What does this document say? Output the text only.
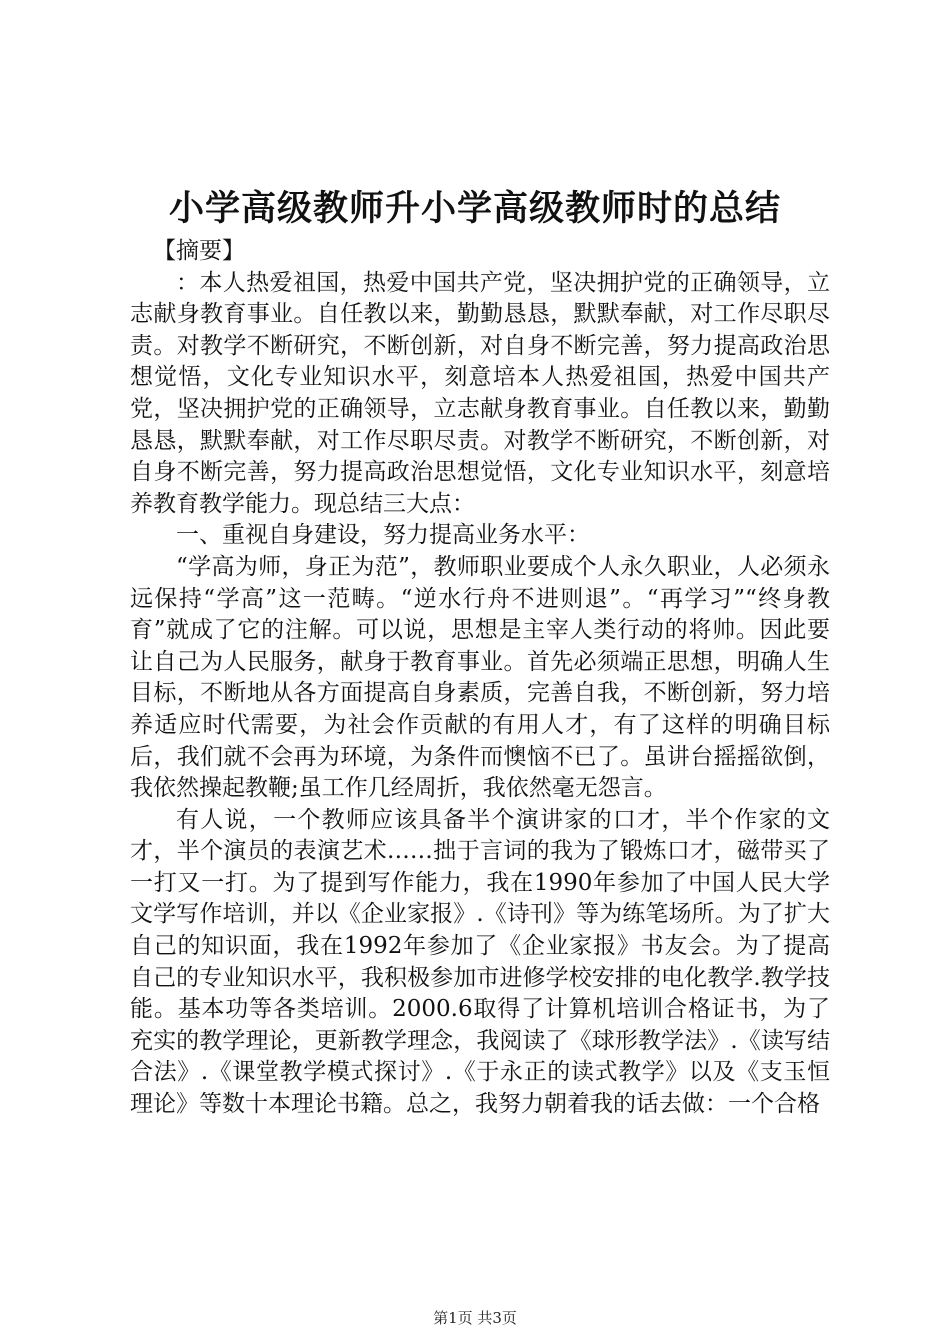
小学高级教师升小学高级教师时的总结

【摘要】

：本人热爱祖国，热爱中国共产党，坚决拥护党的正确领导，立志献身教育事业。自任教以来，勤勤恳恳，默默奉献，对工作尽职尽责。对教学不断研究，不断创新，对自身不断完善，努力提高政治思想觉悟，文化专业知识水平，刻意培本人热爱祖国，热爱中国共产党，坚决拥护党的正确领导，立志献身教育事业。自任教以来，勤勤恳恳，默默奉献，对工作尽职尽责。对教学不断研究，不断创新，对自身不断完善，努力提高政治思想觉悟，文化专业知识水平，刻意培养教育教学能力。现总结三大点：

一、重视自身建设，努力提高业务水平：

“学高为师，身正为范”，教师职业要成个人永久职业，人必须永远保持“学高”这一范畴。“逆水行舟不进则退”。“再学习”“终身教育”就成了它的注解。可以说，思想是主宰人类行动的将帅。因此要让自己为人民服务，献身于教育事业。首先必须端正思想，明确人生目标，不断地从各方面提高自身素质，完善自我，不断创新，努力培养适应时代需要，为社会作贡献的有用人才，有了这样的明确目标后，我们就不会再为环境，为条件而懊恼不已了。虽讲台摇摇欲倒，我依然操起教鞭;虽工作几经周折，我依然毫无怨言。

有人说，一个教师应该具备半个演讲家的口才，半个作家的文才，半个演员的表演艺术……拙于言词的我为了锻炼口才，磁带买了一打又一打。为了提到写作能力，我在1990年参加了中国人民大学文学写作培训，并以《企业家报》.《诗刊》等为练笔场所。为了扩大自己的知识面，我在1992年参加了《企业家报》书友会。为了提高自己的专业知识水平，我积极参加市进修学校安排的电化教学.教学技能。基本功等各类培训。2000.6取得了计算机培训合格证书，为了充实的教学理论，更新教学理念，我阅读了《球形教学法》.《读写结合法》.《课堂教学模式探讨》.《于永正的读式教学》以及《支玉恒理论》等数十本理论书籍。总之，我努力朝着我的话去做：一个合格

第1页 共3页
